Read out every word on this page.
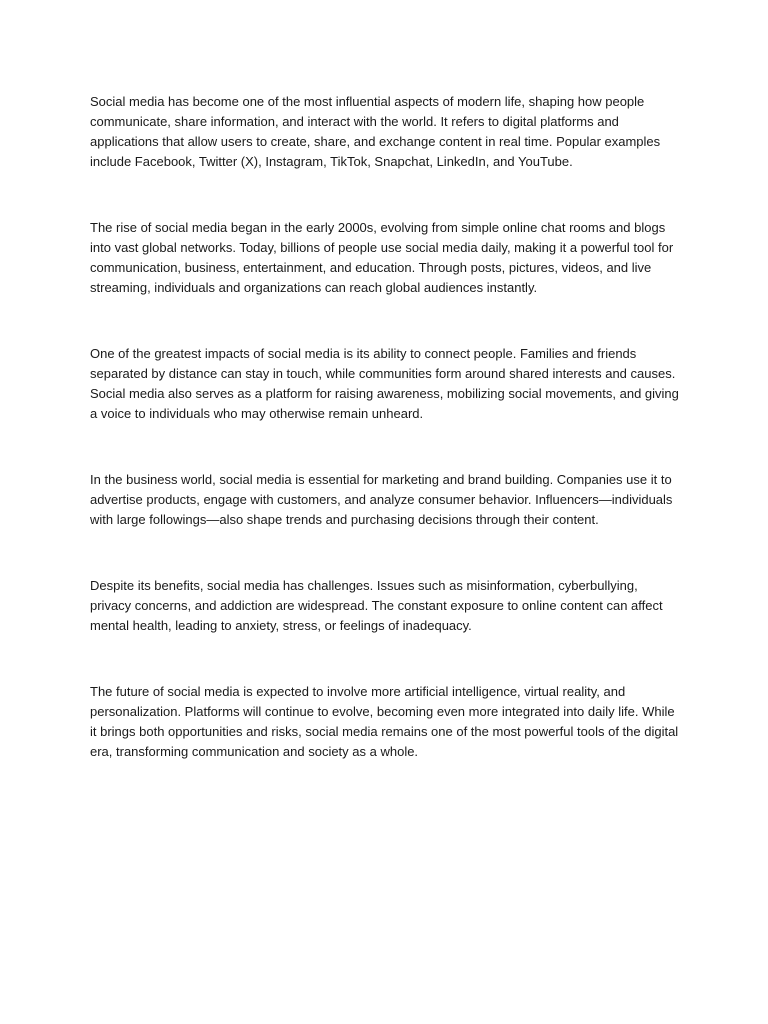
Social media has become one of the most influential aspects of modern life, shaping how people communicate, share information, and interact with the world. It refers to digital platforms and applications that allow users to create, share, and exchange content in real time. Popular examples include Facebook, Twitter (X), Instagram, TikTok, Snapchat, LinkedIn, and YouTube.

The rise of social media began in the early 2000s, evolving from simple online chat rooms and blogs into vast global networks. Today, billions of people use social media daily, making it a powerful tool for communication, business, entertainment, and education. Through posts, pictures, videos, and live streaming, individuals and organizations can reach global audiences instantly.

One of the greatest impacts of social media is its ability to connect people. Families and friends separated by distance can stay in touch, while communities form around shared interests and causes. Social media also serves as a platform for raising awareness, mobilizing social movements, and giving a voice to individuals who may otherwise remain unheard.

In the business world, social media is essential for marketing and brand building. Companies use it to advertise products, engage with customers, and analyze consumer behavior. Influencers—individuals with large followings—also shape trends and purchasing decisions through their content.

Despite its benefits, social media has challenges. Issues such as misinformation, cyberbullying, privacy concerns, and addiction are widespread. The constant exposure to online content can affect mental health, leading to anxiety, stress, or feelings of inadequacy.

The future of social media is expected to involve more artificial intelligence, virtual reality, and personalization. Platforms will continue to evolve, becoming even more integrated into daily life. While it brings both opportunities and risks, social media remains one of the most powerful tools of the digital era, transforming communication and society as a whole.
